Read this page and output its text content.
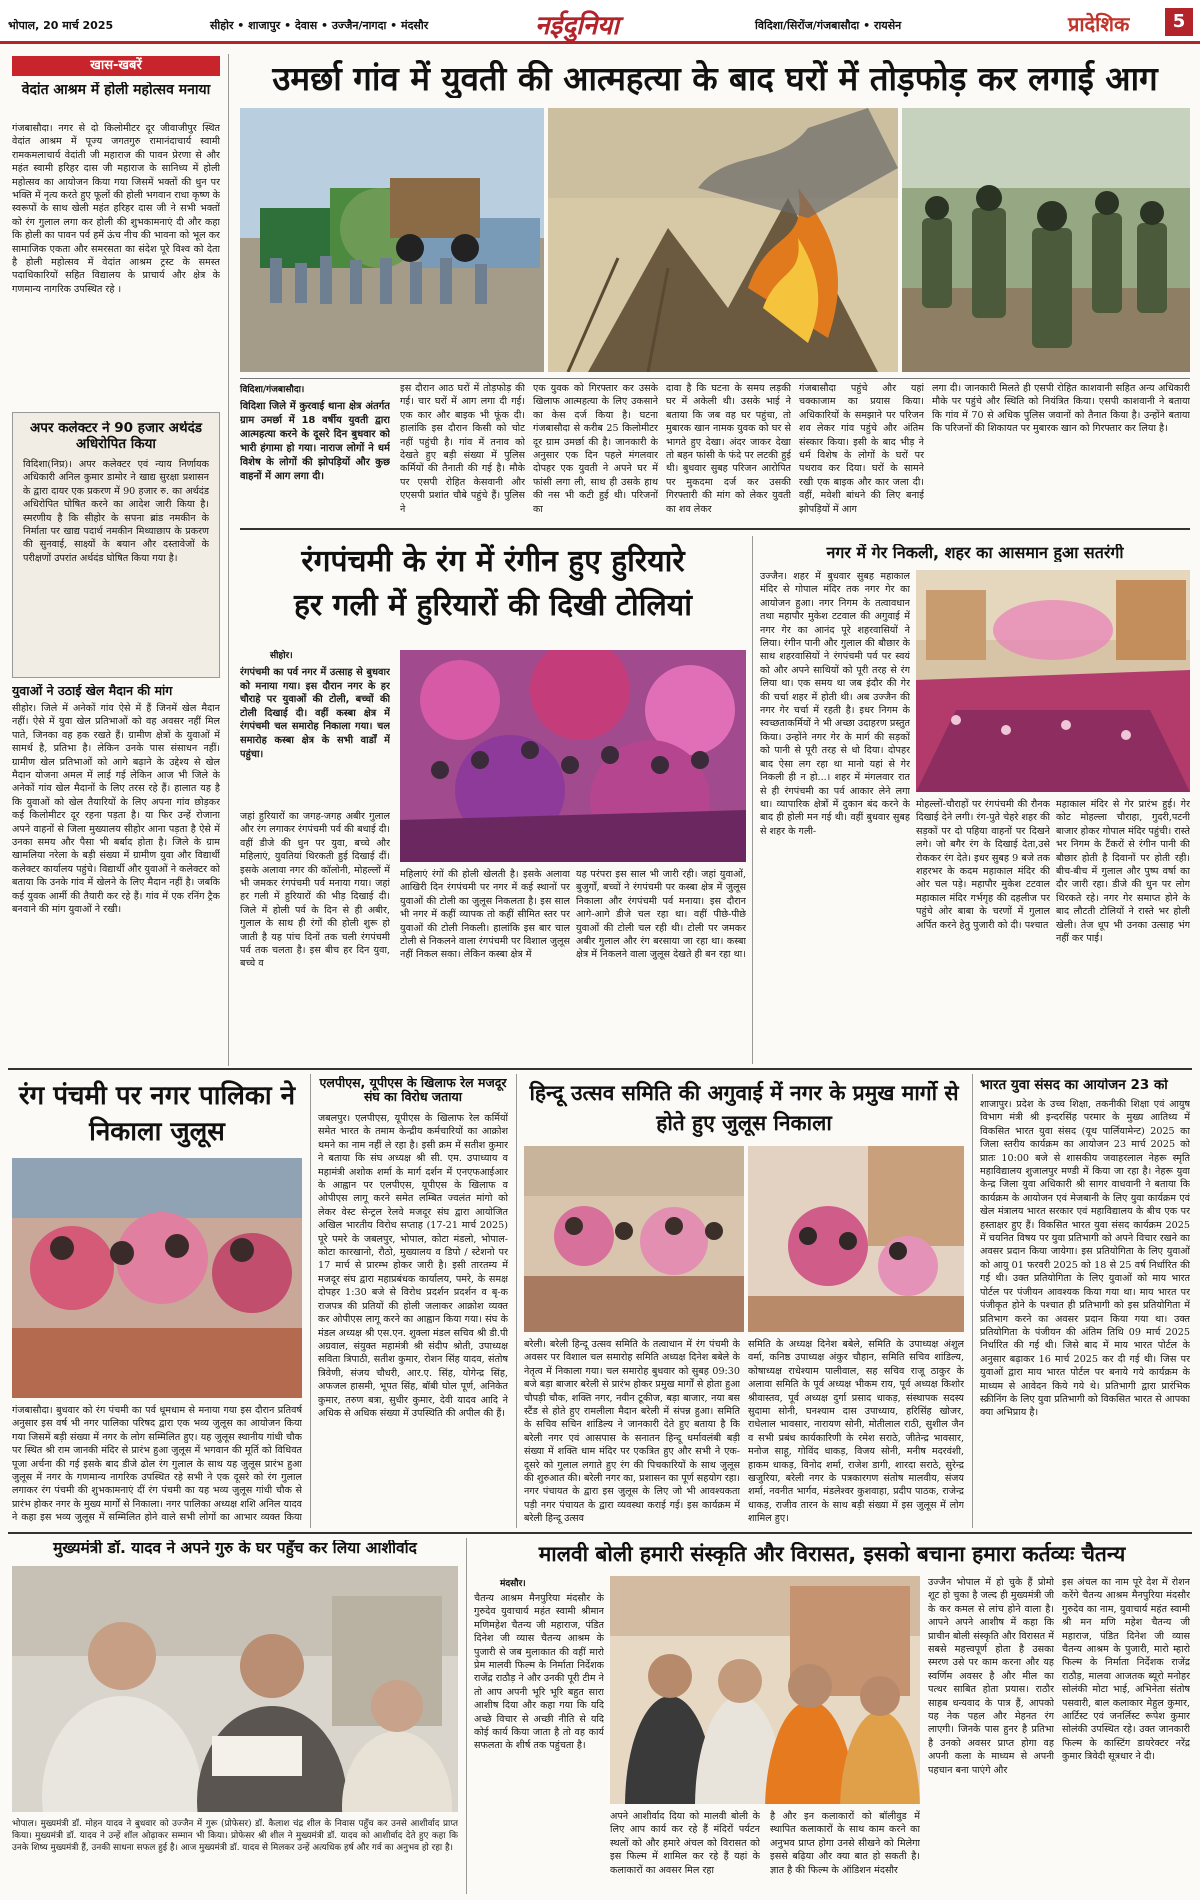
भोपाल, 20 मार्च 2025	सीहोर • शाजापुर • देवास • उज्जैन/नागदा • मंदसौर	नईदुनिया	विदिशा/सिरोंज/गंजबासौदा • रायसेन	प्रादेशिक	5
खास-खबरें
वेदांत आश्रम में होली महोत्सव मनाया
गंजबासौदा। नगर से दो किलोमीटर दूर जीवाजीपुर स्थित वेदांत आश्रम में पूज्य जगतगुरु रामानंदाचार्य स्वामी रामकमलाचार्य वेदांती जी महाराज की पावन प्रेरणा से और महंत स्वामी हरिहर दास जी महाराज के सानिध्य में होली महोत्सव का आयोजन किया गया जिसमें भक्तों की धुन पर भक्ति में नृत्य करते हुए फूलों की होली भगवान राधा कृष्ण के स्वरूपों के साथ खेली महंत हरिहर दास जी ने सभी भक्तों को रंग गुलाल लगा कर होली की शुभकामनाएं दी और कहा कि होली का पावन पर्व हमें ऊंच नीच की भावना को भूल कर सामाजिक एकता और समरसता का संदेश पूरे विश्व को देता है होली महोत्सव में वेदांत आश्रम ट्रस्ट के समस्त पदाधिकारियों सहित विद्यालय के प्राचार्य और क्षेत्र के गणमान्य नागरिक उपस्थित रहे ।
अपर कलेक्टर ने 90 हजार अर्थदंड अधिरोपित किया
विदिशा(निप्र)। अपर कलेक्टर एवं न्याय निर्णायक अधिकारी अनिल कुमार डामोर ने खाद्य सुरक्षा प्रशासन के द्वारा दायर एक प्रकरण में 90 हजार रु. का अर्थदंड अधिरोपित घोषित करने का आदेश जारी किया है। स्मरणीय है कि सीहोर के सपना ब्रांड नमकीन के निर्माता पर खाद्य पदार्थ नमकीन मिथ्याछाप के प्रकरण की सुनवाई, साक्ष्यों के बयान और दस्तावेजों के परीक्षणों उपरांत अर्थदंड घोषित किया गया है।
युवाओं ने उठाई खेल मैदान की मांग
सीहोर। जिले में अनेकों गांव ऐसे में हैं जिनमें खेल मैदान नहीं। ऐसे में युवा खेल प्रतिभाओं को वह अवसर नहीं मिल पाते, जिनका वह हक रखते हैं। ग्रामीण क्षेत्रों के युवाओं में सामर्थ है, प्रतिभा है। लेकिन उनके पास संसाधन नहीं। ग्रामीण खेल प्रतिभाओं को आगे बढ़ाने के उद्देश्य से खेल मैदान योजना अमल में लाई गई लेकिन आज भी जिले के अनेकों गांव खेल मैदानों के लिए तरस रहे हैं। हालात यह है कि युवाओं को खेल तैयारियों के लिए अपना गांव छोड़कर कई किलोमीटर दूर रहना पड़ता है। या फिर उन्हें रोजाना अपने वाहनों से जिला मुख्यालय सीहोर आना पड़ता है ऐसे में उनका समय और पैसा भी बर्बाद होता है। जिले के ग्राम खामलिया नरेला के बड़ी संख्या में ग्रामीण युवा और विद्यार्थी कलेक्टर कार्यालय पहुंचे। विद्यार्थी और युवाओं ने कलेक्टर को बताया कि उनके गांव में खेलने के लिए मैदान नहीं है। जबकि कई युवक आर्मी की तैयारी कर रहे हैं। गांव में एक रनिंग ट्रैक बनवाने की मांग युवाओं ने रखी।
उमर्छा गांव में युवती की आत्महत्या के बाद घरों में तोड़फोड़ कर लगाई आग
विदिशा/गंजबासौदा।
विदिशा जिले में कुरवाई थाना क्षेत्र अंतर्गत ग्राम उमर्छा में 18 वर्षीय युवती द्वारा आत्महत्या करने के दूसरे दिन बुधवार को भारी हंगामा हो गया। नाराज लोगों ने धर्म विशेष के लोगों की झोपड़ियों और कुछ वाहनों में आग लगा दी।
इस दौरान आठ घरों में तोड़फोड़ की गई। चार घरों में आग लगा दी गई। एक कार और बाइक भी फूंक दी। हालांकि इस दौरान किसी को चोट नहीं पहुंची है। गांव में तनाव को देखते हुए बड़ी संख्या में पुलिस कर्मियों की तैनाती की गई है। मौके पर एसपी रोहित केसवानी और एएसपी प्रशांत चौबे पहुंचे हैं। पुलिस ने
एक युवक को गिरफ्तार कर उसके खिलाफ आत्महत्या के लिए उकसाने का केस दर्ज किया है। घटना गंजबासौदा से करीब 25 किलोमीटर दूर ग्राम उमर्छा की है। जानकारी के अनुसार एक दिन पहले मंगलवार दोपहर एक युवती ने अपने घर में फांसी लगा ली, साथ ही उसके हाथ की नस भी कटी हुई थी। परिजनों का
दावा है कि घटना के समय लड़की घर में अकेली थी। उसके भाई ने बताया कि जब वह घर पहुंचा, तो मुबारक खान नामक युवक को घर से भागते हुए देखा। अंदर जाकर देखा तो बहन फांसी के फंदे पर लटकी हुई थी। बुधवार सुबह परिजन आरोपित पर मुकदमा दर्ज कर उसकी गिरफ्तारी की मांग को लेकर युवती का शव लेकर
गंजबासौदा पहुंचे और यहां चक्काजाम का प्रयास किया। अधिकारियों के समझाने पर परिजन शव लेकर गांव पहुंचे और अंतिम संस्कार किया। इसी के बाद भीड़ ने धर्म विशेष के लोगों के घरों पर पथराव कर दिया। घरों के सामने रखी एक बाइक और कार जला दी। वहीं, मवेशी बांधने की लिए बनाई झोपड़ियों में आग
लगा दी। जानकारी मिलते ही एसपी रोहित काशवानी सहित अन्य अधिकारी मौके पर पहुंचे और स्थिति को नियंत्रित किया। एसपी काशवानी ने बताया कि गांव में 70 से अधिक पुलिस जवानों को तैनात किया है। उन्होंने बताया कि परिजनों की शिकायत पर मुबारक खान को गिरफ्तार कर लिया है।
रंगपंचमी के रंग में रंगीन हुए हुरियारे
हर गली में हुरियारों की दिखी टोलियां
सीहोर।
रंगपंचमी का पर्व नगर में उत्साह से बुधवार को मनाया गया। इस दौरान नगर के हर चौराहे पर युवाओं की टोली, बच्चों की टोली दिखाई दी। वहीं कस्बा क्षेत्र में रंगपंचमी चल समारोह निकाला गया। चल समारोह कस्बा क्षेत्र के सभी वार्डों में पहुंचा।
जहां हुरियारों का जगह-जगह अबीर गुलाल और रंग लगाकर रंगपंचमी पर्व की बधाई दी। वहीं डीजे की धुन पर युवा, बच्चे और महिलाएं, युवतियां थिरकती हुई दिखाई दीं। इसके अलावा नगर की कॉलोनी, मोहल्लों में भी जमकर रंगपंचमी पर्व मनाया गया। जहां हर गली में हुरियारों की भीड़ दिखाई दी। जिले में होली पर्व के दिन से ही अबीर, गुलाल के साथ ही रंगों की होली शुरू हो जाती है यह पांच दिनों तक चली रंगपंचमी पर्व तक चलता है। इस बीच हर दिन युवा, बच्चे व
महिलाएं रंगों की होली खेलती है। इसके अलावा आखिरी दिन रंगपंचमी पर नगर में कई स्थानों पर युवाओं की टोली का जुलूस निकलता है। इस साल भी नगर में कहीं व्यापक तो कहीं सीमित स्तर पर युवाओं की टोली निकली। हालांकि इस बार चाल टोली से निकलने वाला रंगपंचमी पर विशाल जुलूस नहीं निकल सका। लेकिन कस्बा क्षेत्र में
यह परंपरा इस साल भी जारी रही। जहां युवाओं, बुजुर्गों, बच्चों ने रंगपंचमी पर कस्बा क्षेत्र में जुलूस निकाला और रंगपंचमी पर्व मनाया। इस दौरान आगे-आगे डीजे चल रहा था। वहीं पीछे-पीछे युवाओं की टोली चल रही थी। टोली पर जमकर अबीर गुलाल और रंग बरसाया जा रहा था। कस्बा क्षेत्र में निकलने वाला जुलूस देखते ही बन रहा था।
नगर में गेर निकली, शहर का आसमान हुआ सतरंगी
उज्जैन। शहर में बुधवार सुबह महाकाल मंदिर से गोपाल मंदिर तक नगर गेर का आयोजन हुआ। नगर निगम के तत्वावधान तथा महापौर मुकेश टटवाल की अगुवाई में नगर गेर का आनंद पूरे शहरवासियों ने लिया। रंगीन पानी और गुलाल की बौछार के साथ शहरवासियों ने रंगपंचमी पर्व पर स्वयं को और अपने साथियों को पूरी तरह से रंग लिया था। एक समय था जब इंदौर की गेर की चर्चा शहर में होती थी। अब उज्जैन की नगर गेर चर्चा में रहती है। इधर निगम के स्वच्छताकर्मियों ने भी अच्छा उदाहरण प्रस्तुत किया। उन्होंने नगर गेर के मार्ग की सड़कों को पानी से पूरी तरह से धो दिया। दोपहर बाद ऐसा लग रहा था मानो यहां से गेर निकली ही न हो...। शहर में मंगलवार रात से ही रंगपंचमी का पर्व आकार लेने लगा था। व्यापारिक क्षेत्रों में दुकान बंद करने के बाद ही होली मन गई थी। वहीं बुधवार सुबह से शहर के गली-
मोहल्लों-चौराहों पर रंगपंचमी की रौनक दिखाई देने लगी। रंग-पुते चेहरे शहर की सड़कों पर दो पहिया वाहनों पर दिखने लगे। जो बगैर रंग के दिखाई देता,उसे रोककर रंग देते। इधर सुबह 9 बजे तक शहरभर के कदम महाकाल मंदिर की ओर चल पड़े। महापौर मुकेश टटवाल महाकाल मंदिर गर्भगृह की दहलीज पर पहुंचे ओर बाबा के चरणों में गुलाल अर्पित करने हेतु पुजारी को दी। पश्चात
महाकाल मंदिर से गेर प्रारंभ हुई। गेर कोट मोहल्ला चौराहा, गुदरी,पटनी बाजार होकर गोपाल मंदिर पहुंची। रास्ते भर निगम के टैंकरों से रंगीन पानी की बौछार होती है दिवानों पर होती रही। बीच-बीच में गुलाल और पुष्प वर्षा का दौर जारी रहा। डीजे की धुन पर लोग थिरकते रहे। नगर गेर समाप्त होने के बाद लौटती टोलियों ने रास्ते भर होली खेली। तेज धूप भी उनका उत्साह भंग नहीं कर पाई।
रंग पंचमी पर नगर पालिका ने निकाला जुलूस
गंजबासौदा। बुधवार को रंग पंचमी का पर्व धूमधाम से मनाया गया इस दौरान प्रतिवर्ष अनुसार इस वर्ष भी नगर पालिका परिषद द्वारा एक भव्य जुलूस का आयोजन किया गया जिसमें बड़ी संख्या में नगर के लोग सम्मिलित हुए। यह जुलूस स्थानीय गांधी चौक पर स्थित श्री राम जानकी मंदिर से प्रारंभ हुआ जुलूस में भगवान की मूर्ति को विधिवत पूजा अर्चना की गई इसके बाद डीजे ढोल रंग गुलाल के साथ यह जुलूस प्रारंभ हुआ जुलूस में नगर के गणमान्य नागरिक उपस्थित रहे सभी ने एक दूसरे को रंग गुलाल लगाकर रंग पंचमी की शुभकामनाएं दीं रंग पंचमी का यह भव्य जुलूस गांधी चौक से प्रारंभ होकर नगर के मुख्य मार्गों से निकाला। नगर पालिका अध्यक्ष शशि अनिल यादव ने कहा इस भव्य जुलूस में सम्मिलित होने वाले सभी लोगों का आभार व्यक्त किया
एलपीएस, यूपीएस के खिलाफ रेल मजदूर संघ का विरोध जताया
जबलपुर। एलपीएस, यूपीएस के खिलाफ रेल कर्मियों समेत भारत के तमाम केन्द्रीय कर्मचारियों का आक्रोश थमने का नाम नहीं ले रहा है। इसी क्रम में सतीश कुमार ने बताया कि संघ अध्यक्ष श्री सी. एम. उपाध्याय व महामंत्री अशोक शर्मा के मार्ग दर्शन में एनएफआईआर के आह्वान पर एलपीएस, यूपीएस के खिलाफ व ओपीएस लागू करने समेत लम्बित ज्वलंत मांगो को लेकर वेस्ट सेन्ट्रल रेलवे मजदूर संघ द्वारा आयोजित अखिल भारतीय विरोध सप्ताह (17-21 मार्च 2025) पूरे पमरे के जबलपुर, भोपाल, कोटा मंडलो, भोपाल-कोटा कारखानो, रौठो, मुख्यालय व डिपो / स्टेशनो पर 17 मार्च से प्रारम्भ होकर जारी है। इसी तारतम्य में मजदूर संघ द्वारा महाप्रबंधक कार्यालय, पमरे, के समक्ष दोपहर 1:30 बजे से विरोध प्रदर्शन प्रदर्शन व बृ-क राजपत्र की प्रतियों की होली जलाकर आक्रोश व्यक्त कर ओपीएस लागू करने का आह्वान किया गया। संघ के मंडल अध्यक्ष श्री एस.एन. शुक्ला मंडल सचिव श्री डी.पी अग्रवाल, संयुक्त महामंत्री श्री संदीप श्रोती, उपाध्यक्ष सविता त्रिपाठी, सतीश कुमार, रोशन सिंह यादव, संतोष त्रिवेणी, संजय चौधरी, आर.ए. सिंह, योगेन्द्र सिंह, अफजल हासमी, भूपत सिंह, बॉबी घोल पूर्ण, अनिकेत कुमार, तरुण बत्रा, सुधीर कुमार, देवी यादव आदि ने अधिक से अधिक संख्या में उपस्थिति की अपील की हैं।
हिन्दू उत्सव समिति की अगुवाई में नगर के प्रमुख मार्गो से होते हुए जुलूस निकाला
बरेली। बरेली हिन्दू उत्सव समिति के तत्वाधान में रंग पंचमी के अवसर पर विशाल चल समारोह समिति अध्यक्ष दिनेश बबेले के नेतृत्व में निकाला गया। चल समारोह बुधवार को सुबह 09:30 बजे बड़ा बाजार बरेली से प्रारंभ होकर प्रमुख मार्गों से होता हुआ चौपड़ी चौक, शक्ति नगर, नवीन टूकीज, बड़ा बाजार, नया बस स्टैंड से होते हुए रामलीला मैदान बरेली में संपन्न हुआ। समिति के सचिव सचिन शांडिल्य ने जानकारी देते हुए बताया है कि बरेली नगर एवं आसपास के सनातन हिन्दू धर्मावलंबी बड़ी संख्या में शक्ति धाम मंदिर पर एकत्रित हुए और सभी ने एक-दूसरे को गुलाल लगाते हुए रंग की पिचकारियों के साथ जुलूस की शुरुआत की। बरेली नगर का, प्रशासन का पूर्ण सहयोग रहा। नगर पंचायत के द्वारा इस जुलूस के लिए जो भी आवश्यकता पड़ी नगर पंचायत के द्वारा व्यवस्था कराई गई। इस कार्यक्रम में बरेली हिन्दू उत्सव
समिति के अध्यक्ष दिनेश बबेले, समिति के उपाध्यक्ष अंशुल वर्मा, कनिष्ठ उपाध्यक्ष अंकुर चौहान, समिति सचिव शांडिल्य, कोषाध्यक्ष राधेश्याम पालीवाल, सह सचिव राजू ठाकुर के अलावा समिति के पूर्व अध्यक्ष भीकम राय, पूर्व अध्यक्ष किशोर श्रीवास्तव, पूर्व अध्यक्ष दुर्गा प्रसाद धाकड़, संस्थापक सदस्य सुदामा सोनी, घनश्याम दास उपाध्याय, हरिसिंह खोजर, राधेलाल भावसार, नारायण सोनी, मोतीलाल राठी, सुशील जैन व सभी प्रबंध कार्यकारिणी के रमेश सराठे, जीतेन्द्र भावसार, मनोज साहू, गोविंद धाकड़, विजय सोनी, मनीष मदरवंशी, हाकम धाकड़, विनोद शर्मा, राजेश डागी, शारदा सराठे, सुरेन्द्र खजुरिया, बरेली नगर के पत्रकारगण संतोष मालवीय, संजय शर्मा, नवनीत भार्गव, मंडलेश्वर कुशवाहा, प्रदीप पाठक, राजेन्द्र धाकड़, राजीव तारन के साथ बड़ी संख्या में इस जुलूस में लोग शामिल हुए।
भारत युवा संसद का आयोजन 23 को
शाजापुर। प्रदेश के उच्च शिक्षा, तकनीकी शिक्षा एवं आयुष विभाग मंत्री श्री इन्दरसिंह परमार के मुख्य आतिथ्य में विकसित भारत युवा संसद (यूथ पार्लियामेन्ट) 2025 का जिला स्तरीय कार्यक्रम का आयोजन 23 मार्च 2025 को प्रातः 10:00 बजे से शासकीय जवाहरलाल नेहरू स्मृति महाविद्यालय शुजालपुर मण्डी में किया जा रहा है। नेहरू युवा केन्द्र जिला युवा अधिकारी श्री सागर वाधवानी ने बताया कि कार्यक्रम के आयोजन एवं मेजबानी के लिए युवा कार्यक्रम एवं खेल मंत्रालय भारत सरकार एवं महाविद्यालय के बीच एक पर हस्ताक्षर हुए हैं। विकसित भारत युवा संसद कार्यक्रम 2025 में चयनित विषय पर युवा प्रतिभागी को अपने विचार रखने का अवसर प्रदान किया जायेगा। इस प्रतियोगिता के लिए युवाओं को आयु 01 फरवरी 2025 को 18 से 25 वर्ष निर्धारित की गई थी। उक्त प्रतियोगिता के लिए युवाओं को माय भारत पोर्टल पर पंजीयन आवश्यक किया गया था। माय भारत पर पंजीकृत होने के पश्चात ही प्रतिभागी को इस प्रतियोगिता में प्रतिभाग करने का अवसर प्रदान किया गया था। उक्त प्रतियोगिता के पंजीयन की अंतिम तिथि 09 मार्च 2025 निर्धारित की गई थी। जिसे बाद में माय भारत पोर्टल के अनुसार बढ़ाकर 16 मार्च 2025 कर दी गई थी। जिस पर युवाओं द्वारा माय भारत पोर्टल पर बनाये गये कार्यक्रम के माध्यम से आवेदन किये गये थे। प्रतिभागी द्वारा प्रारंभिक स्क्रीनिंग के लिए युवा प्रतिभागी को विकसित भारत से आपका क्या अभिप्राय है।
मुख्यमंत्री डॉ. यादव ने अपने गुरु के घर पहुँच कर लिया आशीर्वाद
भोपाल। मुख्यमंत्री डॉ. मोहन यादव ने बुधवार को उज्जैन में गुरू (प्रोफेसर) डॉ. कैलाश चंद्र शील के निवास पहुँच कर उनसे आशीर्वाद प्राप्त किया। मुख्यमंत्री डॉ. यादव ने उन्हें शॉल ओढ़ाकर सम्मान भी किया। प्रोफेसर श्री शील ने मुख्यमंत्री डॉ. यादव को आशीर्वाद देते हुए कहा कि उनके शिष्य मुख्यमंत्री हैं, उनकी साधना सफल हुई है। आज मुख्यमंत्री डॉ. यादव से मिलकर उन्हें अत्यधिक हर्ष और गर्व का अनुभव हो रहा है।
मालवी बोली हमारी संस्कृति और विरासत, इसको बचाना हमारा कर्तव्यः चैतन्य
मंदसौर।
चैतन्य आश्रम मैनपुरिया मंदसौर के गुरुदेव युवाचार्य महंत स्वामी श्रीमान मणिमहेश चैतन्य जी महाराज, पंडित दिनेश जी व्यास चैतन्य आश्रम के पुजारी से जब मुलाकात की वहीं मारो प्रेम मालवी फिल्म के निर्माता निर्देशक राजेंद्र राठौड़ ने और उनकी पूरी टीम ने तो आप अपनी भूरि भूरि बहुत सारा आशीष दिया और कहा गया कि यदि अच्छे विचार से अच्छी नीति से यदि कोई कार्य किया जाता है तो वह कार्य सफलता के शीर्ष तक पहुंचता है।
अपने आशीर्वाद दिया को मालवी बोली के लिए आप कार्य कर रहे हैं मंदिरों पर्यटन स्थलों को और हमारे अंचल को विरासत को इस फिल्म में शामिल कर रहे हैं यहां के कलाकारों का अवसर मिल रहा
है और इन कलाकारों को बॉलीवुड में स्थापित कलाकारों के साथ काम करने का अनुभव प्राप्त होगा उनसे सीखने को मिलेगा इससे बढ़िया और क्या बात हो सकती है। ज्ञात है की फिल्म के ऑडिशन मंदसौर
उज्जैन भोपाल में हो चुके हैं प्रोमो शूट हो चुका है जल्द ही मुख्यमंत्री जी के कर कमल से लांच होने वाला है। आपने अपने आशीष में कहा कि प्राचीन बोली संस्कृति और विरासत में सबसे महत्त्वपूर्ण होता है उसका स्मरण उसे पर काम करना और यह स्वर्णिम अवसर है और मील का पत्थर साबित होता प्रयास। राठौर साहब धन्यवाद के पात्र हैं, आपको यह नेक पहल और मेहनत रंग लाएगी। जिनके पास हुनर है प्रतिभा है उनको अवसर प्राप्त होगा वह अपनी कला के माध्यम से अपनी पहचान बना पाएंगे और
इस अंचल का नाम पूरे देश में रोशन करेंगे चैतन्य आश्रम मैनपुरिया मंदसौर गुरुदेव का नाम, युवाचार्य महंत स्वामी श्री मन मणि महेश चैतन्य जी महाराज, पंडित दिनेश जी व्यास चैतन्य आश्रम के पुजारी, मारो म्हारो फिल्म के निर्माता निर्देशक राजेंद्र राठौड़, मालवा आजतक ब्यूरो मनोहर सोलंकी मोटा भाई, अभिनेता संतोष पसवारी, बाल कलाकार मेहुल कुमार, आर्टिस्ट एवं जनर्लिस्ट रूपेश कुमार सोलंकी उपस्थित रहे। उक्त जानकारी फिल्म के कास्टिंग डायरेक्टर नरेंद्र कुमार त्रिवेदी सूत्रधार ने दी।
